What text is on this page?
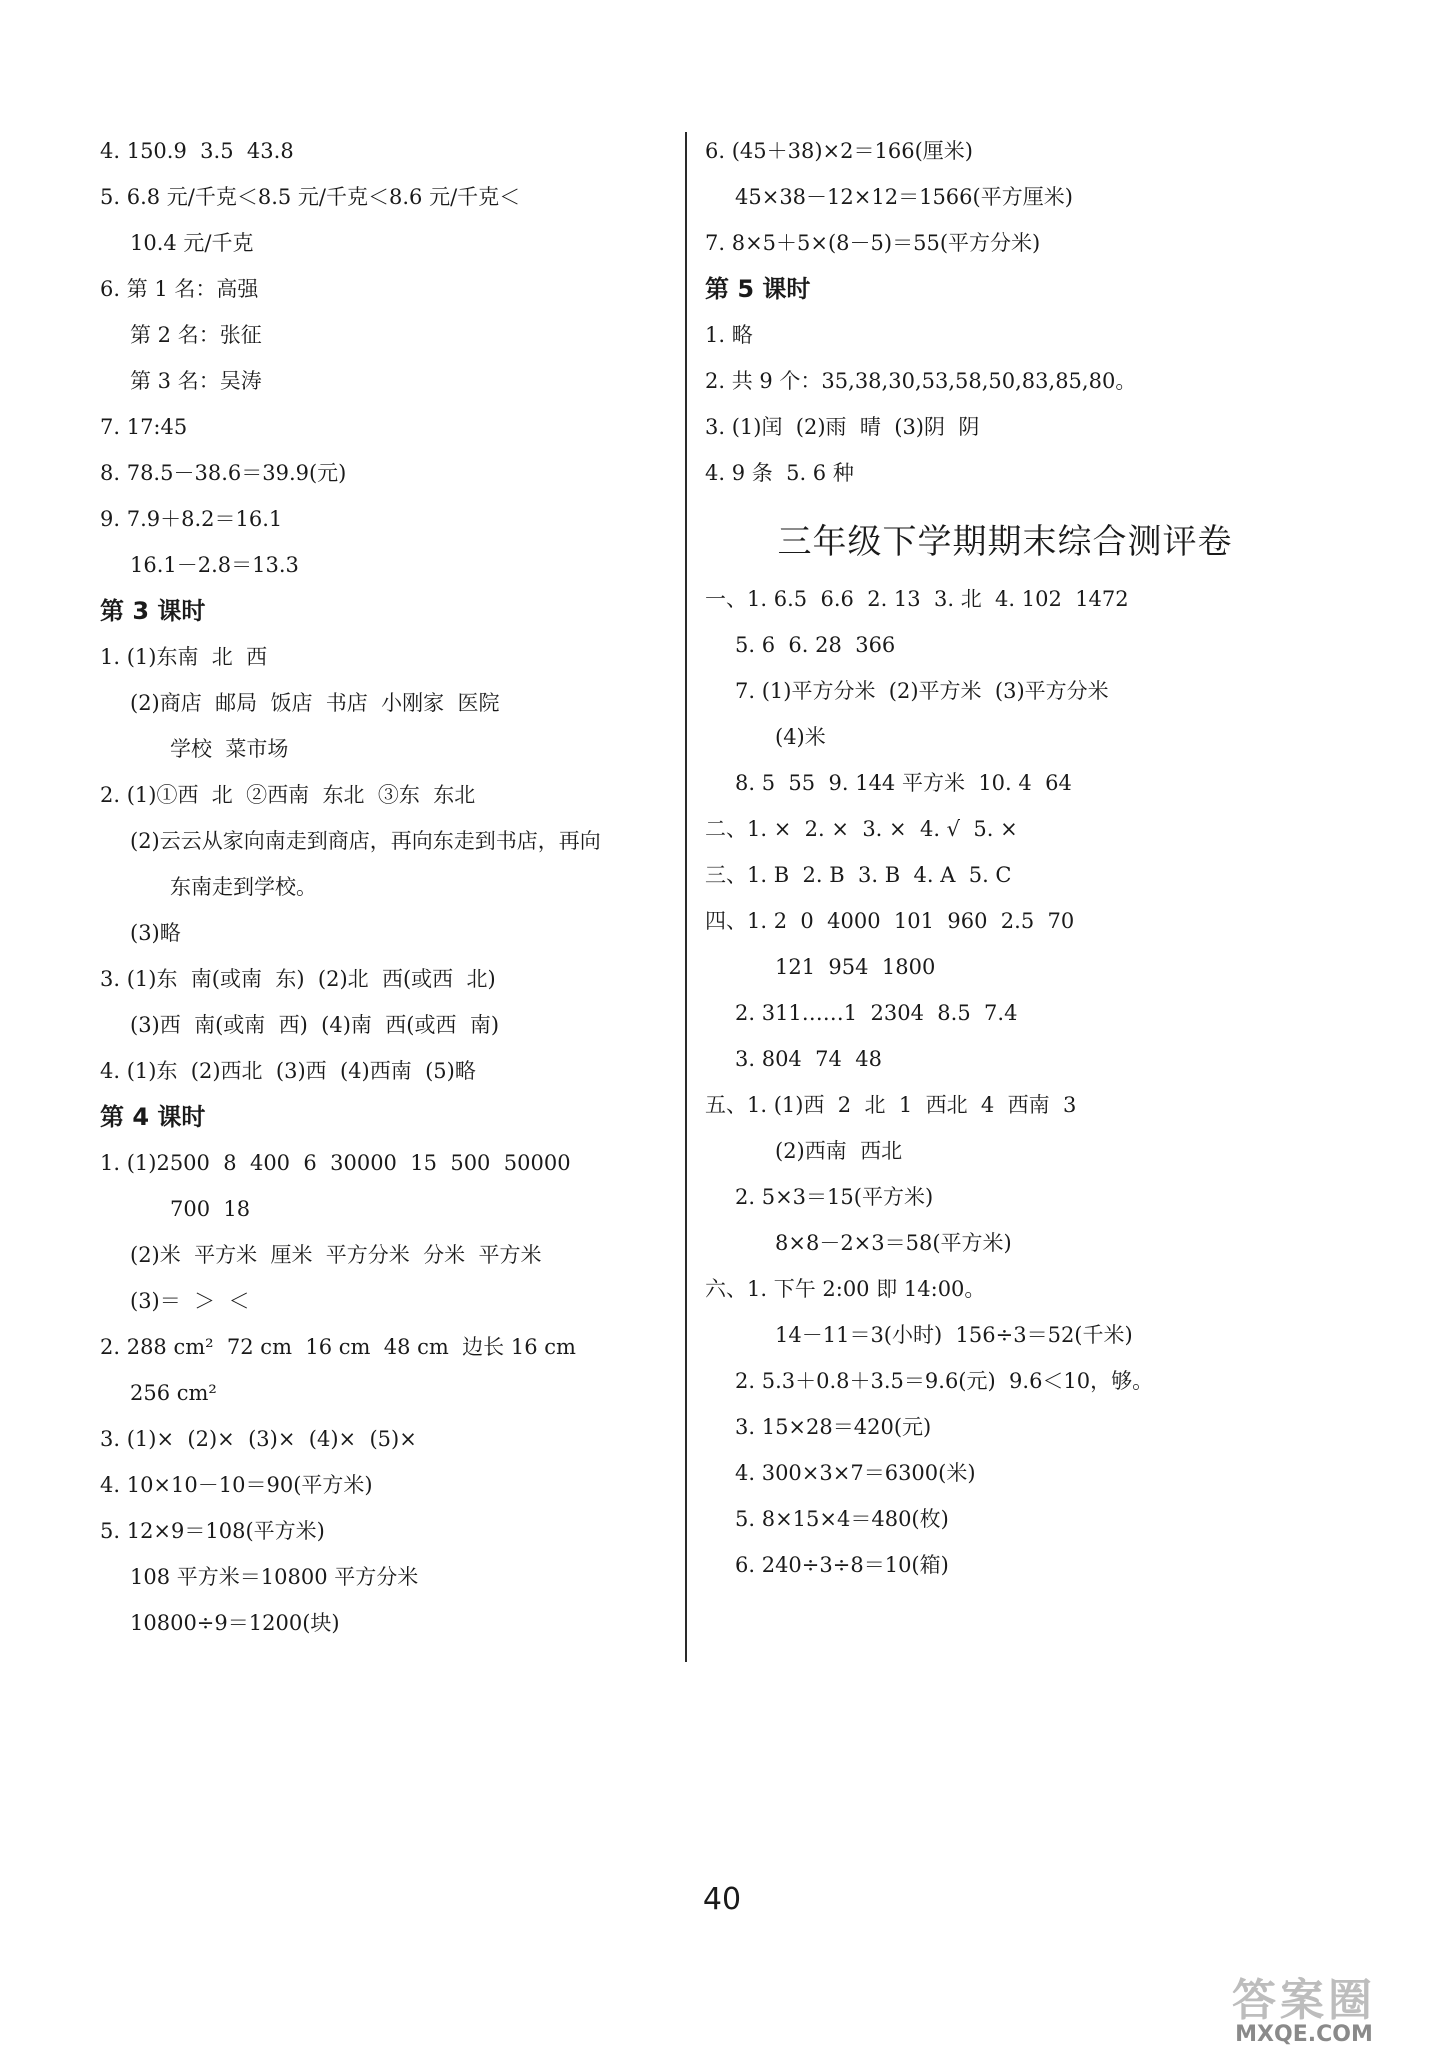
4. 150.9  3.5  43.8
5. 6.8 元/千克＜8.5 元/千克＜8.6 元/千克＜
10.4 元/千克
6. 第 1 名：高强
第 2 名：张征
第 3 名：吴涛
7. 17:45
8. 78.5－38.6＝39.9(元)
9. 7.9＋8.2＝16.1
16.1－2.8＝13.3
第 3 课时
1. (1)东南  北  西
(2)商店  邮局  饭店  书店  小刚家  医院
学校  菜市场
2. (1)①西  北  ②西南  东北  ③东  东北
(2)云云从家向南走到商店，再向东走到书店，再向
东南走到学校。
(3)略
3. (1)东  南(或南  东)  (2)北  西(或西  北)
(3)西  南(或南  西)  (4)南  西(或西  南)
4. (1)东  (2)西北  (3)西  (4)西南  (5)略
第 4 课时
1. (1)2500  8  400  6  30000  15  500  50000
700  18
(2)米  平方米  厘米  平方分米  分米  平方米
(3)＝  ＞  ＜
2. 288 cm²  72 cm  16 cm  48 cm  边长 16 cm
256 cm²
3. (1)×  (2)×  (3)×  (4)×  (5)×
4. 10×10－10＝90(平方米)
5. 12×9＝108(平方米)
108 平方米＝10800 平方分米
10800÷9＝1200(块)
6. (45＋38)×2＝166(厘米)
45×38－12×12＝1566(平方厘米)
7. 8×5＋5×(8－5)＝55(平方分米)
第 5 课时
1. 略
2. 共 9 个：35,38,30,53,58,50,83,85,80。
3. (1)闰  (2)雨  晴  (3)阴  阴
4. 9 条  5. 6 种
三年级下学期期末综合测评卷
一、1. 6.5  6.6  2. 13  3. 北  4. 102  1472
5. 6  6. 28  366
7. (1)平方分米  (2)平方米  (3)平方分米
(4)米
8. 5  55  9. 144 平方米  10. 4  64
二、1. ×  2. ×  3. ×  4. √  5. ×
三、1. B  2. B  3. B  4. A  5. C
四、1. 2  0  4000  101  960  2.5  70
121  954  1800
2. 311……1  2304  8.5  7.4
3. 804  74  48
五、1. (1)西  2  北  1  西北  4  西南  3
(2)西南  西北
2. 5×3＝15(平方米)
8×8－2×3＝58(平方米)
六、1. 下午 2:00 即 14:00。
14－11＝3(小时)  156÷3＝52(千米)
2. 5.3＋0.8＋3.5＝9.6(元)  9.6＜10，够。
3. 15×28＝420(元)
4. 300×3×7＝6300(米)
5. 8×15×4＝480(枚)
6. 240÷3÷8＝10(箱)
40
答案圈
MXQE.COM
